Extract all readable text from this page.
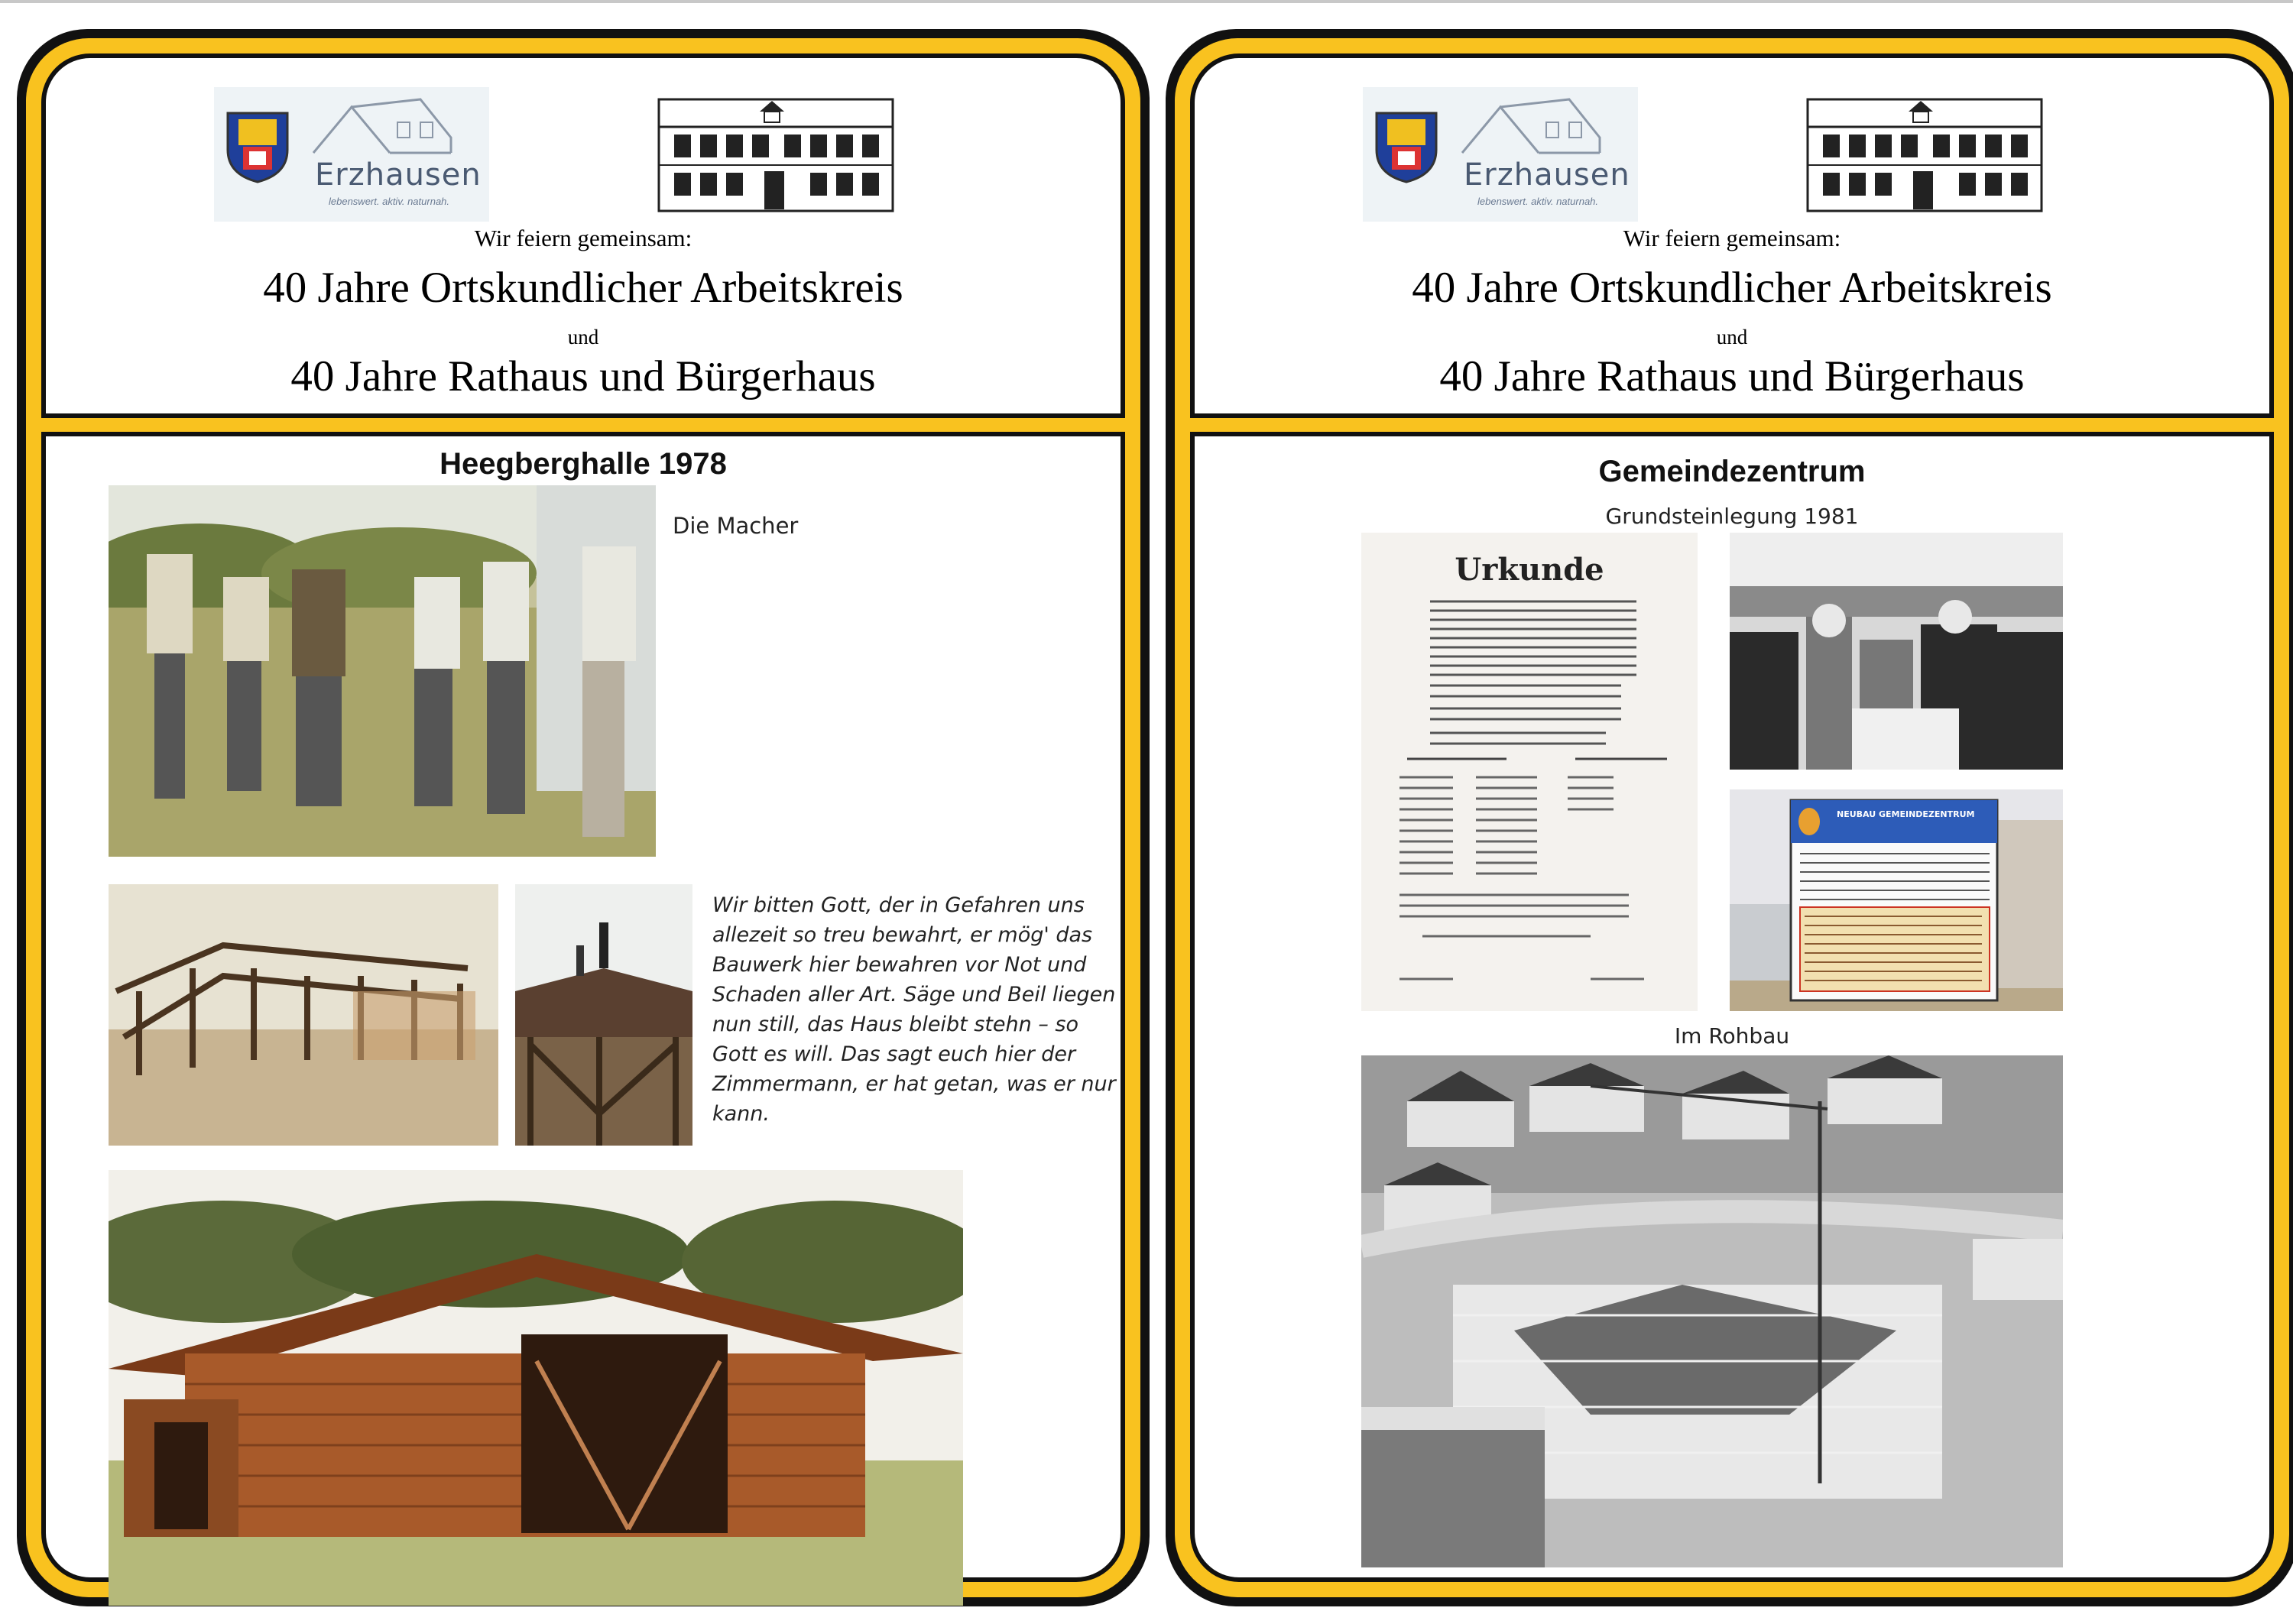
Erzhausen
lebenswert. aktiv. naturnah.
Wir feiern gemeinsam:
40 Jahre Ortskundlicher Arbeitskreis
und
40 Jahre Rathaus und Bürgerhaus
Heegberghalle 1978
Die Macher
Wir bitten Gott, der in Gefahren uns allezeit so treu bewahrt, er mög' das Bauwerk hier bewahren vor Not und Schaden aller Art. Säge und Beil liegen nun still, das Haus bleibt stehn – so Gott es will. Das sagt euch hier der Zimmermann, er hat getan, was er nur kann.
Erzhausen
lebenswert. aktiv. naturnah.
Wir feiern gemeinsam:
40 Jahre Ortskundlicher Arbeitskreis
und
40 Jahre Rathaus und Bürgerhaus
Gemeindezentrum
Grundsteinlegung 1981
Urkunde
NEUBAU GEMEINDEZENTRUM
Im Rohbau
